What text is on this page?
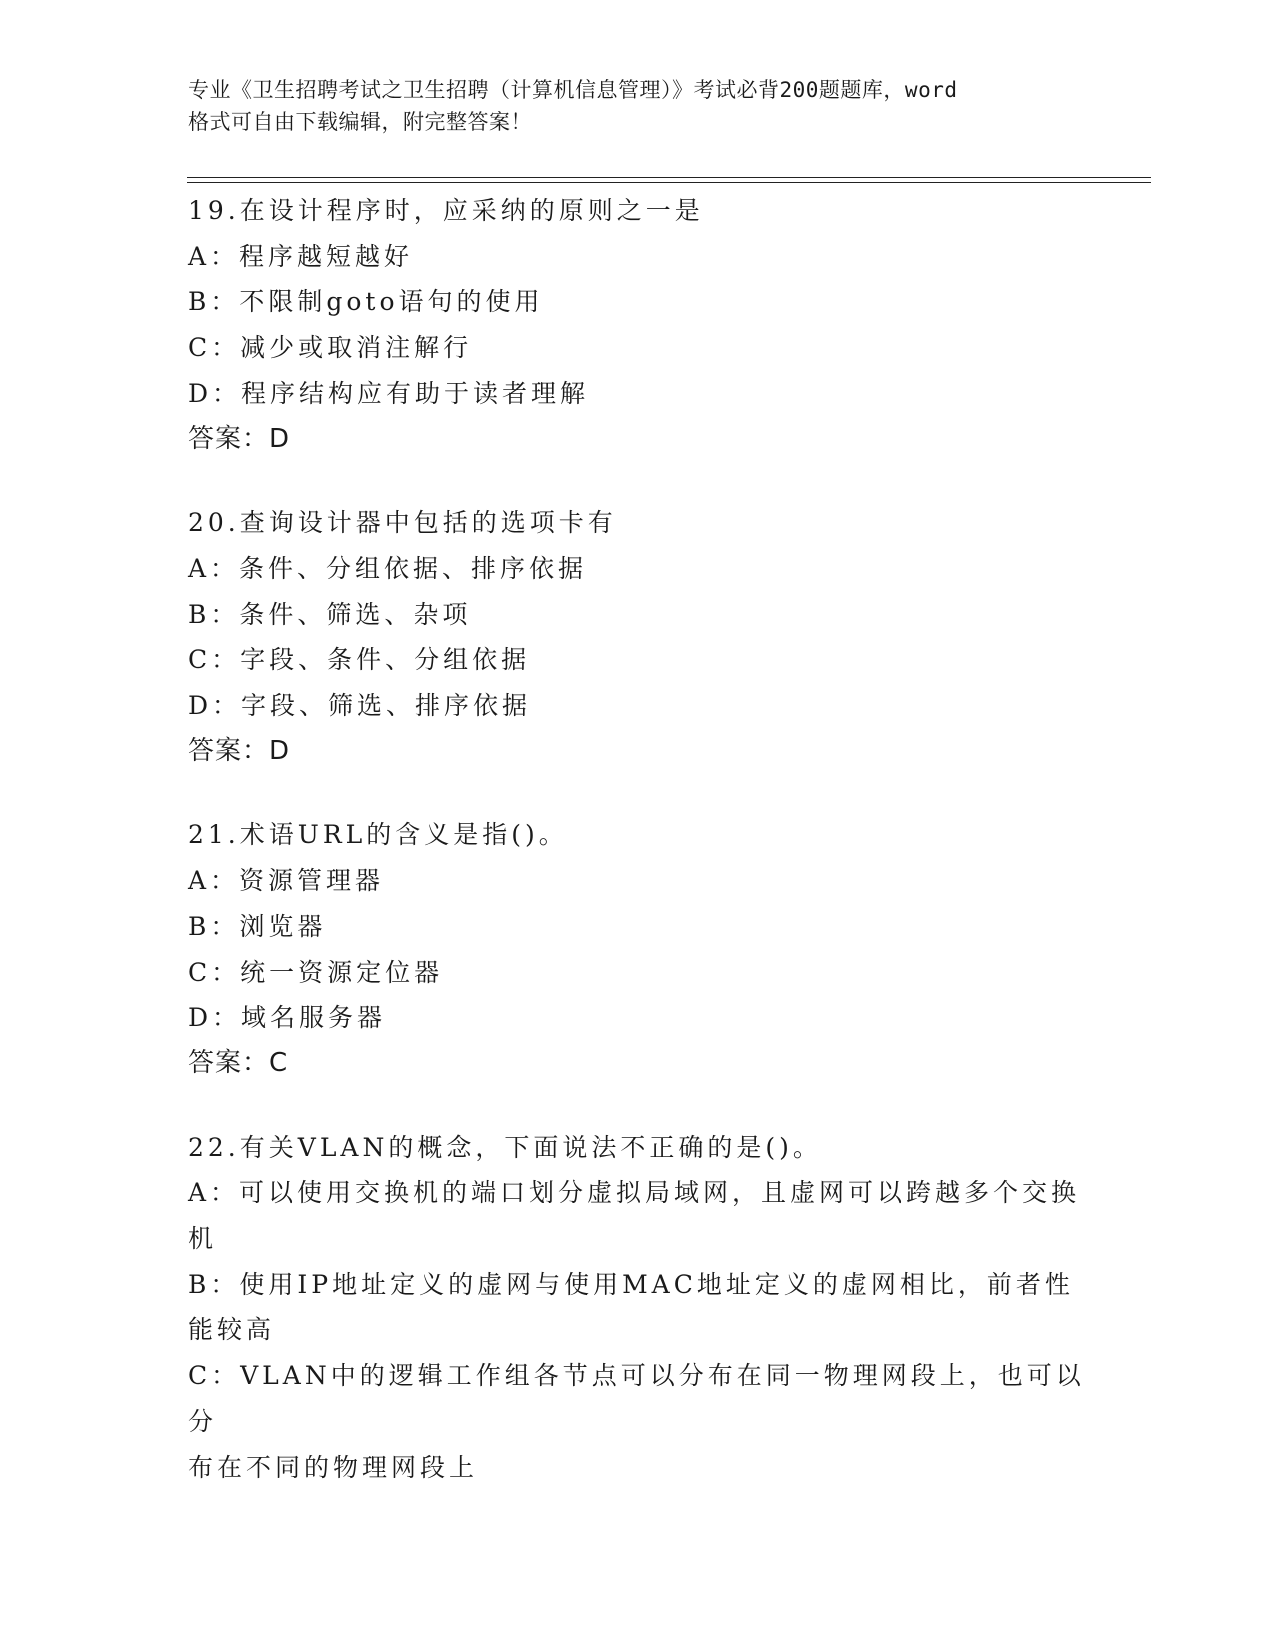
专业《卫生招聘考试之卫生招聘（计算机信息管理）》考试必背200题题库，word
格式可自由下载编辑，附完整答案！
19.在设计程序时，应采纳的原则之一是
A：程序越短越好
B：不限制goto语句的使用
C：减少或取消注解行
D：程序结构应有助于读者理解
答案：D
20.查询设计器中包括的选项卡有
A：条件、分组依据、排序依据
B：条件、筛选、杂项
C：字段、条件、分组依据
D：字段、筛选、排序依据
答案：D
21.术语URL的含义是指()。
A：资源管理器
B：浏览器
C：统一资源定位器
D：域名服务器
答案：C
22.有关VLAN的概念，下面说法不正确的是()。
A：可以使用交换机的端口划分虚拟局域网，且虚网可以跨越多个交换
机
B：使用IP地址定义的虚网与使用MAC地址定义的虚网相比，前者性
能较高
C：VLAN中的逻辑工作组各节点可以分布在同一物理网段上，也可以分
布在不同的物理网段上
